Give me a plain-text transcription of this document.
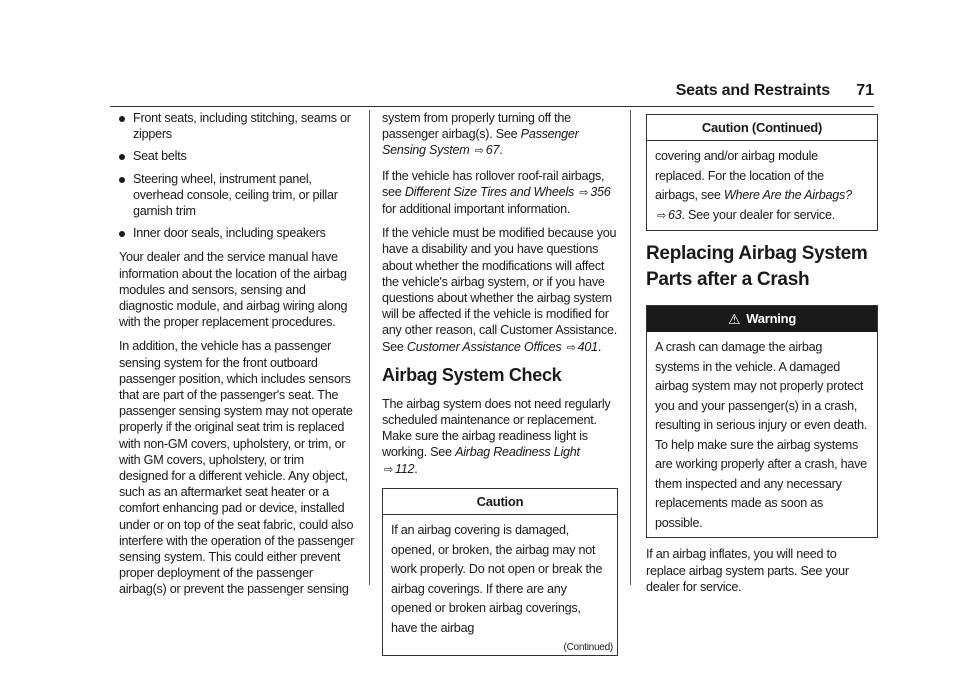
Seats and Restraints 71
Front seats, including stitching, seams or zippers
Seat belts
Steering wheel, instrument panel, overhead console, ceiling trim, or pillar garnish trim
Inner door seals, including speakers

Your dealer and the service manual have information about the location of the airbag modules and sensors, sensing and diagnostic module, and airbag wiring along with the proper replacement procedures.

In addition, the vehicle has a passenger sensing system for the front outboard passenger position, which includes sensors that are part of the passenger's seat. The passenger sensing system may not operate properly if the original seat trim is replaced with non-GM covers, upholstery, or trim, or with GM covers, upholstery, or trim designed for a different vehicle. Any object, such as an aftermarket seat heater or a comfort enhancing pad or device, installed under or on top of the seat fabric, could also interfere with the operation of the passenger sensing system. This could either prevent proper deployment of the passenger airbag(s) or prevent the passenger sensing

system from properly turning off the passenger airbag(s). See Passenger Sensing System ⇨ 67.

If the vehicle has rollover roof-rail airbags, see Different Size Tires and Wheels ⇨ 356 for additional important information.

If the vehicle must be modified because you have a disability and you have questions about whether the modifications will affect the vehicle's airbag system, or if you have questions about whether the airbag system will be affected if the vehicle is modified for any other reason, call Customer Assistance. See Customer Assistance Offices ⇨ 401.

Airbag System Check

The airbag system does not need regularly scheduled maintenance or replacement. Make sure the airbag readiness light is working. See Airbag Readiness Light ⇨ 112.

Caution
If an airbag covering is damaged, opened, or broken, the airbag may not work properly. Do not open or break the airbag coverings. If there are any opened or broken airbag coverings, have the airbag
(Continued)
Caution (Continued)
covering and/or airbag module replaced. For the location of the airbags, see Where Are the Airbags? ⇨ 63. See your dealer for service.
Replacing Airbag System Parts after a Crash
⚠ Warning
A crash can damage the airbag systems in the vehicle. A damaged airbag system may not properly protect you and your passenger(s) in a crash, resulting in serious injury or even death. To help make sure the airbag systems are working properly after a crash, have them inspected and any necessary replacements made as soon as possible.

If an airbag inflates, you will need to replace airbag system parts. See your dealer for service.
